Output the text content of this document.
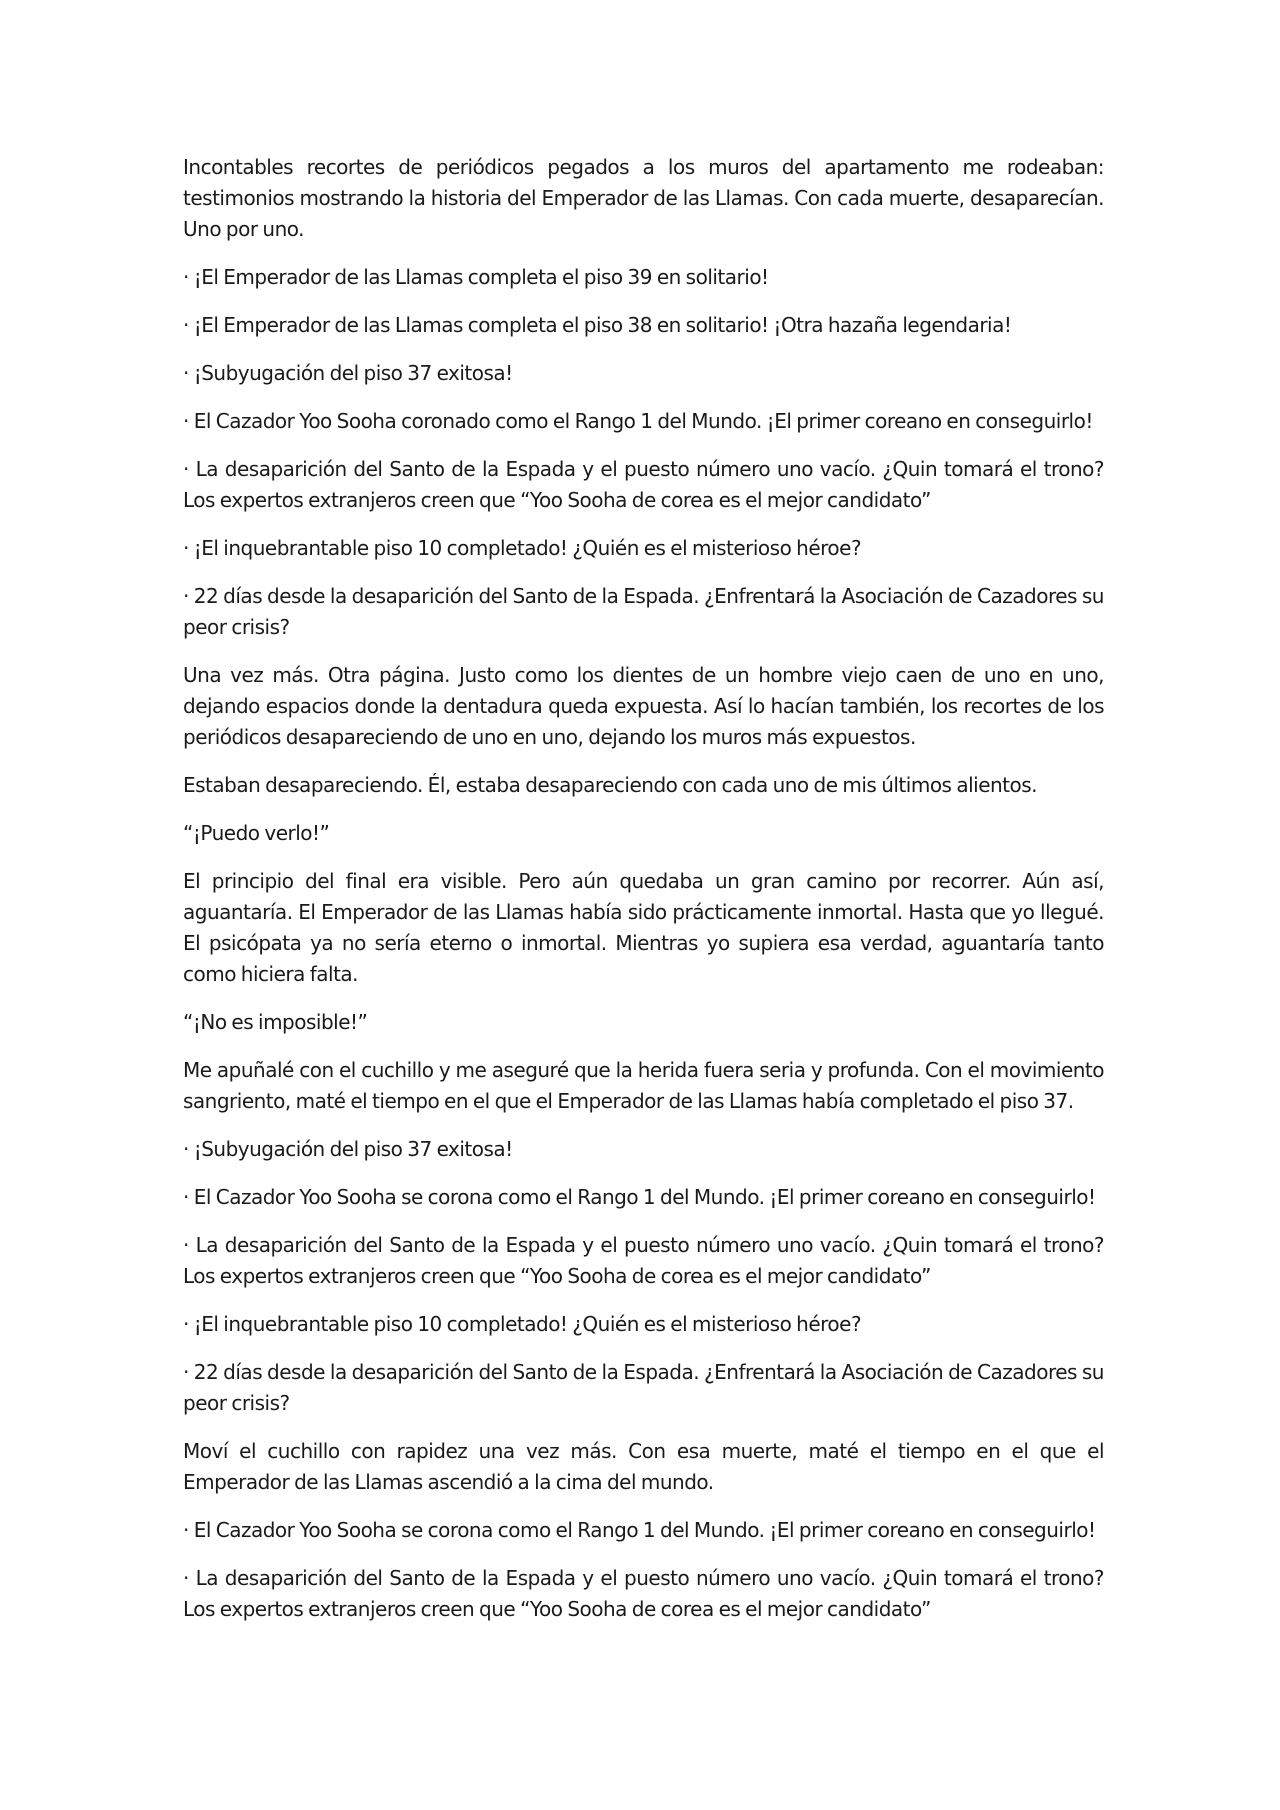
Incontables recortes de periódicos pegados a los muros del apartamento me rodeaban: testimonios mostrando la historia del Emperador de las Llamas. Con cada muerte, desaparecían. Uno por uno.

· ¡El Emperador de las Llamas completa el piso 39 en solitario!

· ¡El Emperador de las Llamas completa el piso 38 en solitario! ¡Otra hazaña legendaria!

· ¡Subyugación del piso 37 exitosa!

· El Cazador Yoo Sooha coronado como el Rango 1 del Mundo. ¡El primer coreano en conseguirlo!

· La desaparición del Santo de la Espada y el puesto número uno vacío. ¿Quin tomará el trono? Los expertos extranjeros creen que “Yoo Sooha de corea es el mejor candidato”

· ¡El inquebrantable piso 10 completado! ¿Quién es el misterioso héroe?

· 22 días desde la desaparición del Santo de la Espada. ¿Enfrentará la Asociación de Cazadores su peor crisis?

Una vez más. Otra página. Justo como los dientes de un hombre viejo caen de uno en uno, dejando espacios donde la dentadura queda expuesta. Así lo hacían también, los recortes de los periódicos desapareciendo de uno en uno, dejando los muros más expuestos.

Estaban desapareciendo. Él, estaba desapareciendo con cada uno de mis últimos alientos.

“¡Puedo verlo!”

El principio del final era visible. Pero aún quedaba un gran camino por recorrer. Aún así, aguantaría. El Emperador de las Llamas había sido prácticamente inmortal. Hasta que yo llegué. El psicópata ya no sería eterno o inmortal. Mientras yo supiera esa verdad, aguantaría tanto como hiciera falta.

“¡No es imposible!”

Me apuñalé con el cuchillo y me aseguré que la herida fuera seria y profunda. Con el movimiento sangriento, maté el tiempo en el que el Emperador de las Llamas había completado el piso 37.

· ¡Subyugación del piso 37 exitosa!

· El Cazador Yoo Sooha se corona como el Rango 1 del Mundo. ¡El primer coreano en conseguirlo!

· La desaparición del Santo de la Espada y el puesto número uno vacío. ¿Quin tomará el trono? Los expertos extranjeros creen que “Yoo Sooha de corea es el mejor candidato”

· ¡El inquebrantable piso 10 completado! ¿Quién es el misterioso héroe?

· 22 días desde la desaparición del Santo de la Espada. ¿Enfrentará la Asociación de Cazadores su peor crisis?

Moví el cuchillo con rapidez una vez más. Con esa muerte, maté el tiempo en el que el Emperador de las Llamas ascendió a la cima del mundo.

· El Cazador Yoo Sooha se corona como el Rango 1 del Mundo. ¡El primer coreano en conseguirlo!

· La desaparición del Santo de la Espada y el puesto número uno vacío. ¿Quin tomará el trono? Los expertos extranjeros creen que “Yoo Sooha de corea es el mejor candidato”
